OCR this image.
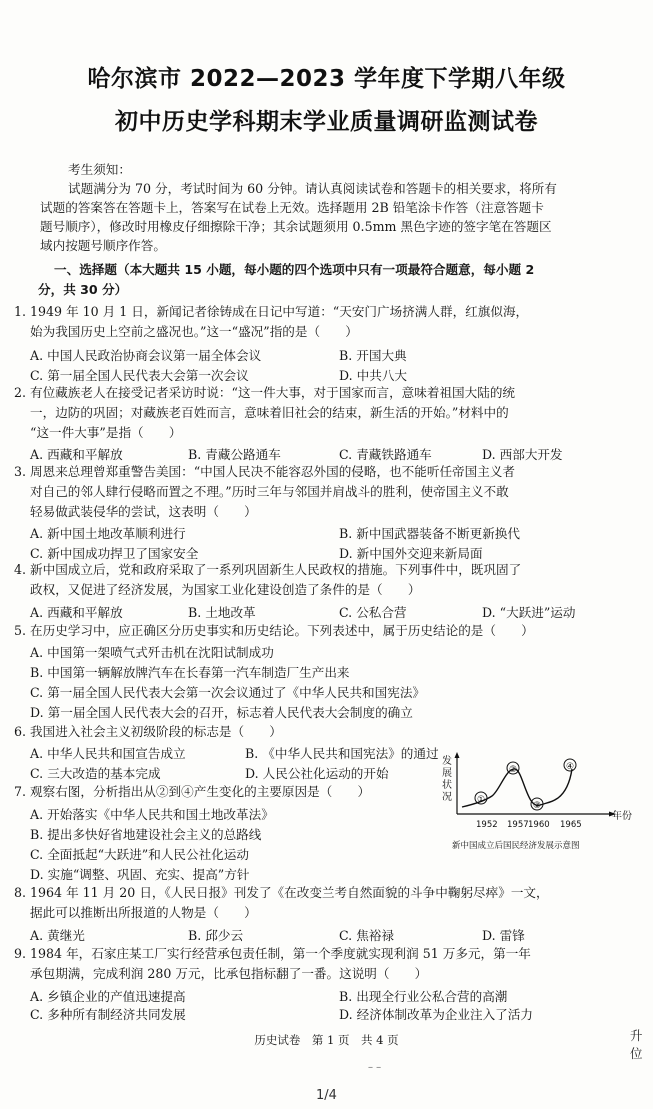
哈尔滨市 2022—2023 学年度下学期八年级
初中历史学科期末学业质量调研监测试卷
考生须知：
试题满分为 70 分，考试时间为 60 分钟。请认真阅读试卷和答题卡的相关要求，将所有
试题的答案答在答题卡上，答案写在试卷上无效。选择题用 2B 铅笔涂卡作答（注意答题卡
题号顺序），修改时用橡皮仔细擦除干净；其余试题须用 0.5mm 黑色字迹的签字笔在答题区
域内按题号顺序作答。
一、选择题（本大题共 15 小题，每小题的四个选项中只有一项最符合题意，每小题 2
分，共 30 分）
1. 1949 年 10 月 1 日，新闻记者徐铸成在日记中写道：“天安门广场挤满人群，红旗似海，
始为我国历史上空前之盛况也。”这一“盛况”指的是（　　）
A. 中国人民政治协商会议第一届全体会议	B. 开国大典
C. 第一届全国人民代表大会第一次会议	D. 中共八大
2. 有位藏族老人在接受记者采访时说：“这一件大事，对于国家而言，意味着祖国大陆的统
一，边防的巩固；对藏族老百姓而言，意味着旧社会的结束，新生活的开始。”材料中的
“这一件大事”是指（　　）
A. 西藏和平解放	B. 青藏公路通车	C. 青藏铁路通车	D. 西部大开发
3. 周恩来总理曾郑重警告美国：“中国人民决不能容忍外国的侵略，也不能听任帝国主义者
对自己的邻人肆行侵略而置之不理。”历时三年与邻国并肩战斗的胜利，使帝国主义不敢
轻易做武装侵华的尝试，这表明（　　）
A. 新中国土地改革顺利进行	B. 新中国武器装备不断更新换代
C. 新中国成功捍卫了国家安全	D. 新中国外交迎来新局面
4. 新中国成立后，党和政府采取了一系列巩固新生人民政权的措施。下列事件中，既巩固了
政权，又促进了经济发展，为国家工业化建设创造了条件的是（　　）
A. 西藏和平解放	B. 土地改革	C. 公私合营	D. “大跃进”运动
5. 在历史学习中，应正确区分历史事实和历史结论。下列表述中，属于历史结论的是（　　）
A. 中国第一架喷气式歼击机在沈阳试制成功
B. 中国第一辆解放牌汽车在长春第一汽车制造厂生产出来
C. 第一届全国人民代表大会第一次会议通过了《中华人民共和国宪法》
D. 第一届全国人民代表大会的召开，标志着人民代表大会制度的确立
6. 我国进入社会主义初级阶段的标志是（　　）
A. 中华人民共和国宣告成立	B. 《中华人民共和国宪法》的通过
C. 三大改造的基本完成	D. 人民公社化运动的开始
7. 观察右图，分析指出从②到④产生变化的主要原因是（　　）
A. 开始落实《中华人民共和国土地改革法》
B. 提出多快好省地建设社会主义的总路线
C. 全面抵起“大跃进”和人民公社化运动
D. 实施“调整、巩固、充实、提高”方针
发
展
状
况
年份
①
②
③
④
1952 1957 1960 1965
新中国成立后国民经济发展示意图
8. 1964 年 11 月 20 日，《人民日报》刊发了《在改变兰考自然面貌的斗争中鞠躬尽瘁》一文，
据此可以推断出所报道的人物是（　　）
A. 黄继光	B. 邱少云	C. 焦裕禄	D. 雷锋
9. 1984 年，石家庄某工厂实行经营承包责任制，第一个季度就实现利润 51 万多元，第一年
承包期满，完成利润 280 万元，比承包指标翻了一番。这说明（　　）
A. 乡镇企业的产值迅速提高	B. 出现全行业公私合营的高潮
C. 多种所有制经济共同发展	D. 经济体制改革为企业注入了活力
历史试卷　第 1 页　共 4 页	升
位
– –
1/4
